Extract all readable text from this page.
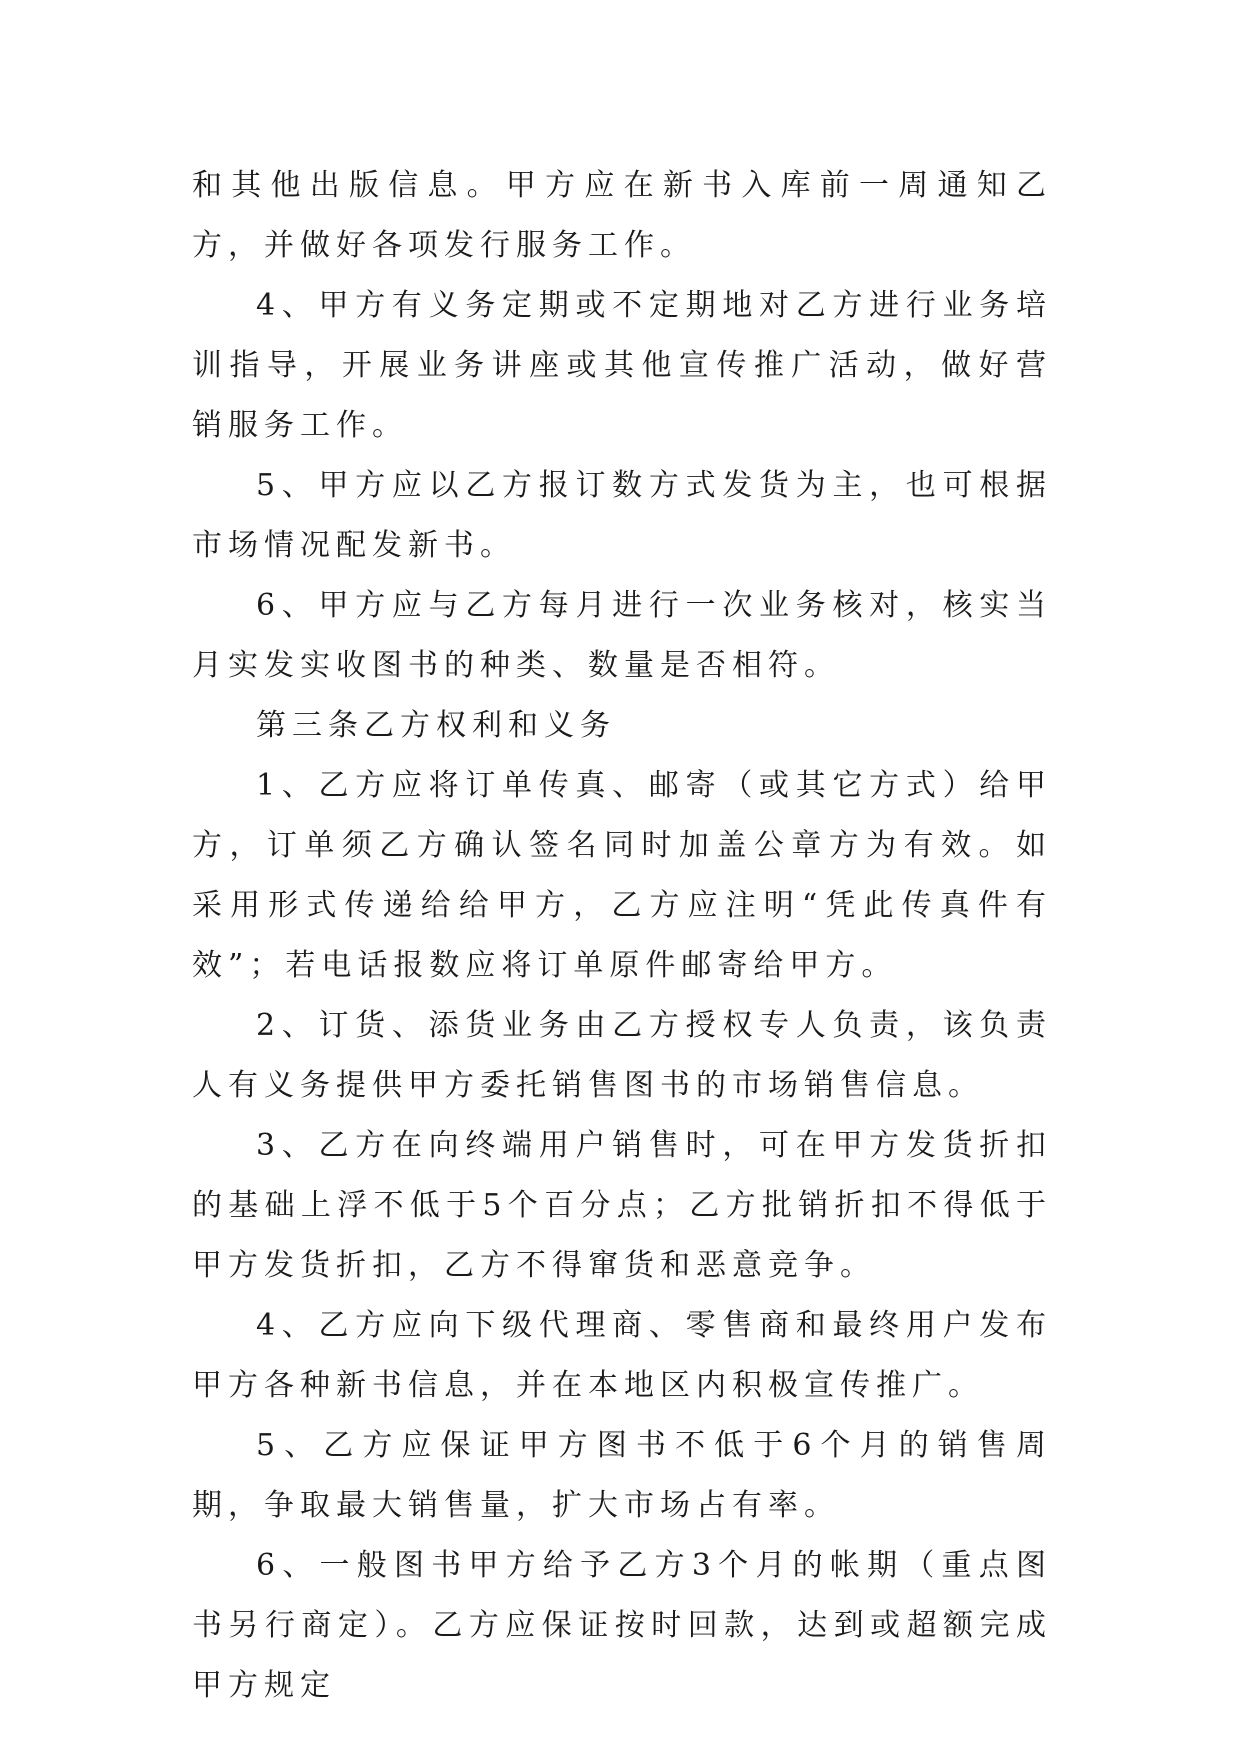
和其他出版信息。甲方应在新书入库前一周通知乙方，并做好各项发行服务工作。

4、甲方有义务定期或不定期地对乙方进行业务培训指导，开展业务讲座或其他宣传推广活动，做好营销服务工作。

5、甲方应以乙方报订数方式发货为主，也可根据市场情况配发新书。

6、甲方应与乙方每月进行一次业务核对，核实当月实发实收图书的种类、数量是否相符。

第三条乙方权利和义务

1、乙方应将订单传真、邮寄（或其它方式）给甲方，订单须乙方确认签名同时加盖公章方为有效。如采用形式传递给给甲方，乙方应注明“凭此传真件有效”；若电话报数应将订单原件邮寄给甲方。

2、订货、添货业务由乙方授权专人负责，该负责人有义务提供甲方委托销售图书的市场销售信息。

3、乙方在向终端用户销售时，可在甲方发货折扣的基础上浮不低于5个百分点；乙方批销折扣不得低于甲方发货折扣，乙方不得窜货和恶意竞争。

4、乙方应向下级代理商、零售商和最终用户发布甲方各种新书信息，并在本地区内积极宣传推广。

5、乙方应保证甲方图书不低于6个月的销售周期，争取最大销售量，扩大市场占有率。

6、一般图书甲方给予乙方3个月的帐期（重点图书另行商定）。乙方应保证按时回款，达到或超额完成甲方规定
